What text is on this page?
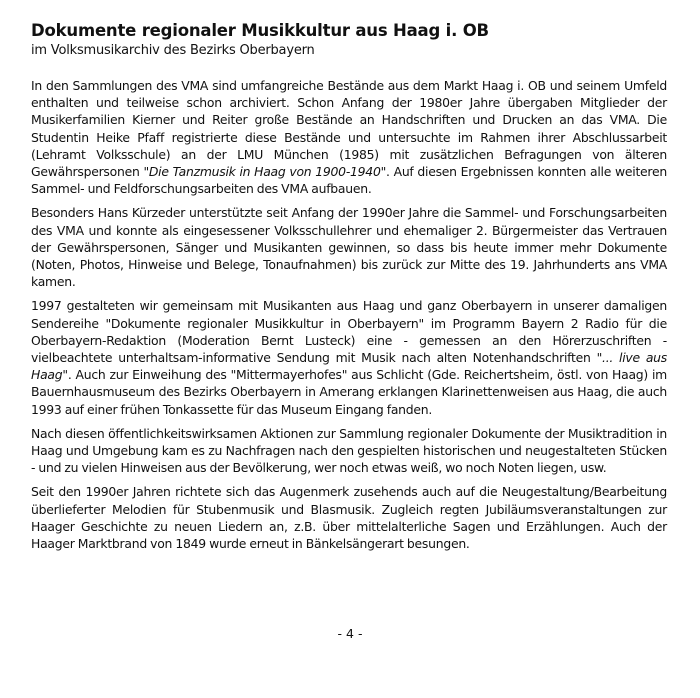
Dokumente regionaler Musikkultur aus Haag i. OB
im Volksmusikarchiv des Bezirks Oberbayern

In den Sammlungen des VMA sind umfangreiche Bestände aus dem Markt Haag i. OB und seinem Umfeld enthalten und teilweise schon archiviert. Schon Anfang der 1980er Jahre übergaben Mitglieder der Musikerfamilien Kierner und Reiter große Bestände an Handschriften und Drucken an das VMA. Die Studentin Heike Pfaff registrierte diese Bestände und untersuchte im Rahmen ihrer Abschlussarbeit (Lehramt Volksschule) an der LMU München (1985) mit zusätzlichen Befragungen von älteren Gewährspersonen "Die Tanzmusik in Haag von 1900-1940". Auf diesen Ergebnissen konnten alle weiteren Sammel- und Feldforschungsarbeiten des VMA aufbauen.

Besonders Hans Kürzeder unterstützte seit Anfang der 1990er Jahre die Sammel- und Forschungsarbeiten des VMA und konnte als eingesessener Volksschullehrer und ehemaliger 2. Bürgermeister das Vertrauen der Gewährspersonen, Sänger und Musikanten gewinnen, so dass bis heute immer mehr Dokumente (Noten, Photos, Hinweise und Belege, Tonaufnahmen) bis zurück zur Mitte des 19. Jahrhunderts ans VMA kamen.

1997 gestalteten wir gemeinsam mit Musikanten aus Haag und ganz Oberbayern in unserer damaligen Sendereihe "Dokumente regionaler Musikkultur in Oberbayern" im Programm Bayern 2 Radio für die Oberbayern-Redaktion (Moderation Bernt Lusteck) eine - gemessen an den Hörerzuschriften - vielbeachtete unterhaltsam-informative Sendung mit Musik nach alten Notenhandschriften "... live aus Haag". Auch zur Einweihung des "Mittermayerhofes" aus Schlicht (Gde. Reichertsheim, östl. von Haag) im Bauernhausmuseum des Bezirks Oberbayern in Amerang erklangen Klarinettenweisen aus Haag, die auch 1993 auf einer frühen Tonkassette für das Museum Eingang fanden.

Nach diesen öffentlichkeitswirksamen Aktionen zur Sammlung regionaler Dokumente der Musiktradition in Haag und Umgebung kam es zu Nachfragen nach den gespielten historischen und neugestalteten Stücken - und zu vielen Hinweisen aus der Bevölkerung, wer noch etwas weiß, wo noch Noten liegen, usw.

Seit den 1990er Jahren richtete sich das Augenmerk zusehends auch auf die Neugestaltung/Bearbeitung überlieferter Melodien für Stubenmusik und Blasmusik. Zugleich regten Jubiläumsveranstaltungen zur Haager Geschichte zu neuen Liedern an, z.B. über mittelalterliche Sagen und Erzählungen. Auch der Haager Marktbrand von 1849 wurde erneut in Bänkelsängerart besungen.

- 4 -
